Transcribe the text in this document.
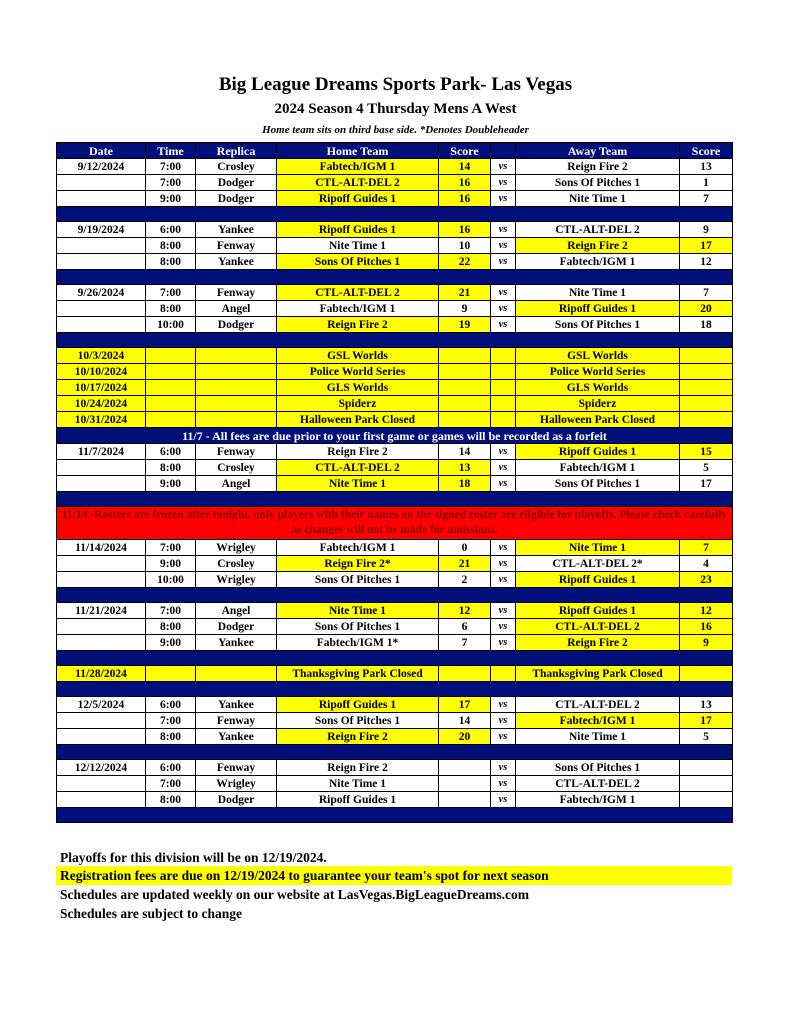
Big League Dreams Sports Park- Las Vegas
2024 Season 4 Thursday Mens A West
Home team sits on third base side. *Denotes Doubleheader
Date	Time	Replica	Home Team	Score		Away Team	Score
9/12/2024	7:00	Crosley	Fabtech/IGM 1	14	vs	Reign Fire 2	13
	7:00	Dodger	CTL-ALT-DEL 2	16	vs	Sons Of Pitches 1	1
	9:00	Dodger	Ripoff Guides 1	16	vs	Nite Time 1	7

9/19/2024	6:00	Yankee	Ripoff Guides 1	16	vs	CTL-ALT-DEL 2	9
	8:00	Fenway	Nite Time 1	10	vs	Reign Fire 2	17
	8:00	Yankee	Sons Of Pitches 1	22	vs	Fabtech/IGM 1	12

9/26/2024	7:00	Fenway	CTL-ALT-DEL 2	21	vs	Nite Time 1	7
	8:00	Angel	Fabtech/IGM 1	9	vs	Ripoff Guides 1	20
	10:00	Dodger	Reign Fire 2	19	vs	Sons Of Pitches 1	18

10/3/2024			GSL Worlds			GSL Worlds	
10/10/2024			Police World Series			Police World Series	
10/17/2024			GLS Worlds			GLS Worlds	
10/24/2024			Spiderz			Spiderz	
10/31/2024			Halloween Park Closed			Halloween Park Closed	
11/7 - All fees are due prior to your first game or games will be recorded as a forfeit							
11/7/2024	6:00	Fenway	Reign Fire 2	14	vs	Ripoff Guides 1	15
	8:00	Crosley	CTL-ALT-DEL 2	13	vs	Fabtech/IGM 1	5
	9:00	Angel	Nite Time 1	18	vs	Sons Of Pitches 1	17

11/14 -Rosters are frozen after tonight, only players with their names on the signed roster are eligible for playoffs. Please check carefully as changes will not be made for omissions.							
11/14/2024	7:00	Wrigley	Fabtech/IGM 1	0	vs	Nite Time 1	7
	9:00	Crosley	Reign Fire 2*	21	vs	CTL-ALT-DEL 2*	4
	10:00	Wrigley	Sons Of Pitches 1	2	vs	Ripoff Guides 1	23

11/21/2024	7:00	Angel	Nite Time 1	12	vs	Ripoff Guides 1	12
	8:00	Dodger	Sons Of Pitches 1	6	vs	CTL-ALT-DEL 2	16
	9:00	Yankee	Fabtech/IGM 1*	7	vs	Reign Fire 2	9

11/28/2024			Thanksgiving Park Closed			Thanksgiving Park Closed	

12/5/2024	6:00	Yankee	Ripoff Guides 1	17	vs	CTL-ALT-DEL 2	13
	7:00	Fenway	Sons Of Pitches 1	14	vs	Fabtech/IGM 1	17
	8:00	Yankee	Reign Fire 2	20	vs	Nite Time 1	5

12/12/2024	6:00	Fenway	Reign Fire 2		vs	Sons Of Pitches 1	
	7:00	Wrigley	Nite Time 1		vs	CTL-ALT-DEL 2	
	8:00	Dodger	Ripoff Guides 1		vs	Fabtech/IGM 1	

Playoffs for this division will be on 12/19/2024.
Registration fees are due on 12/19/2024 to guarantee your team's spot for next season
Schedules are updated weekly on our website at LasVegas.BigLeagueDreams.com
Schedules are subject to change
